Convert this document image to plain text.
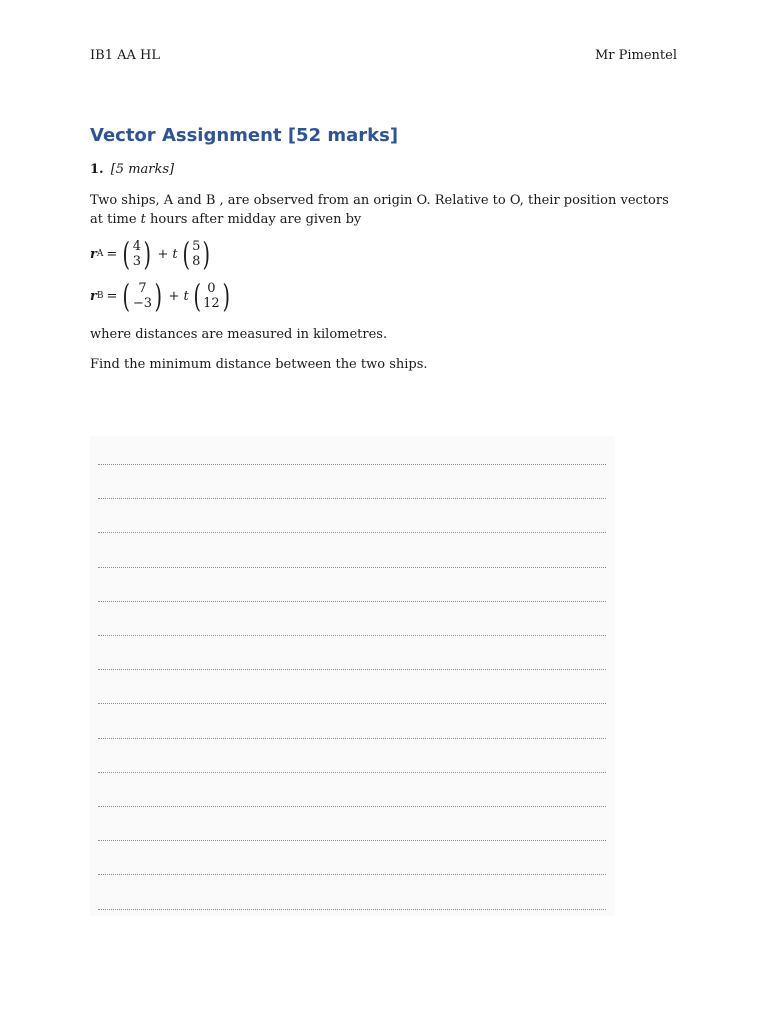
IB1 AA HL	Mr Pimentel
Vector Assignment [52 marks]
1. [5 marks]
Two ships, A and B , are observed from an origin O. Relative to O, their position vectors at time t hours after midday are given by
r A = ( 4
3 ) + t ( 5
8 )
r B = ( 7
−3 ) + t ( 0
12 )
where distances are measured in kilometres.
Find the minimum distance between the two ships.
